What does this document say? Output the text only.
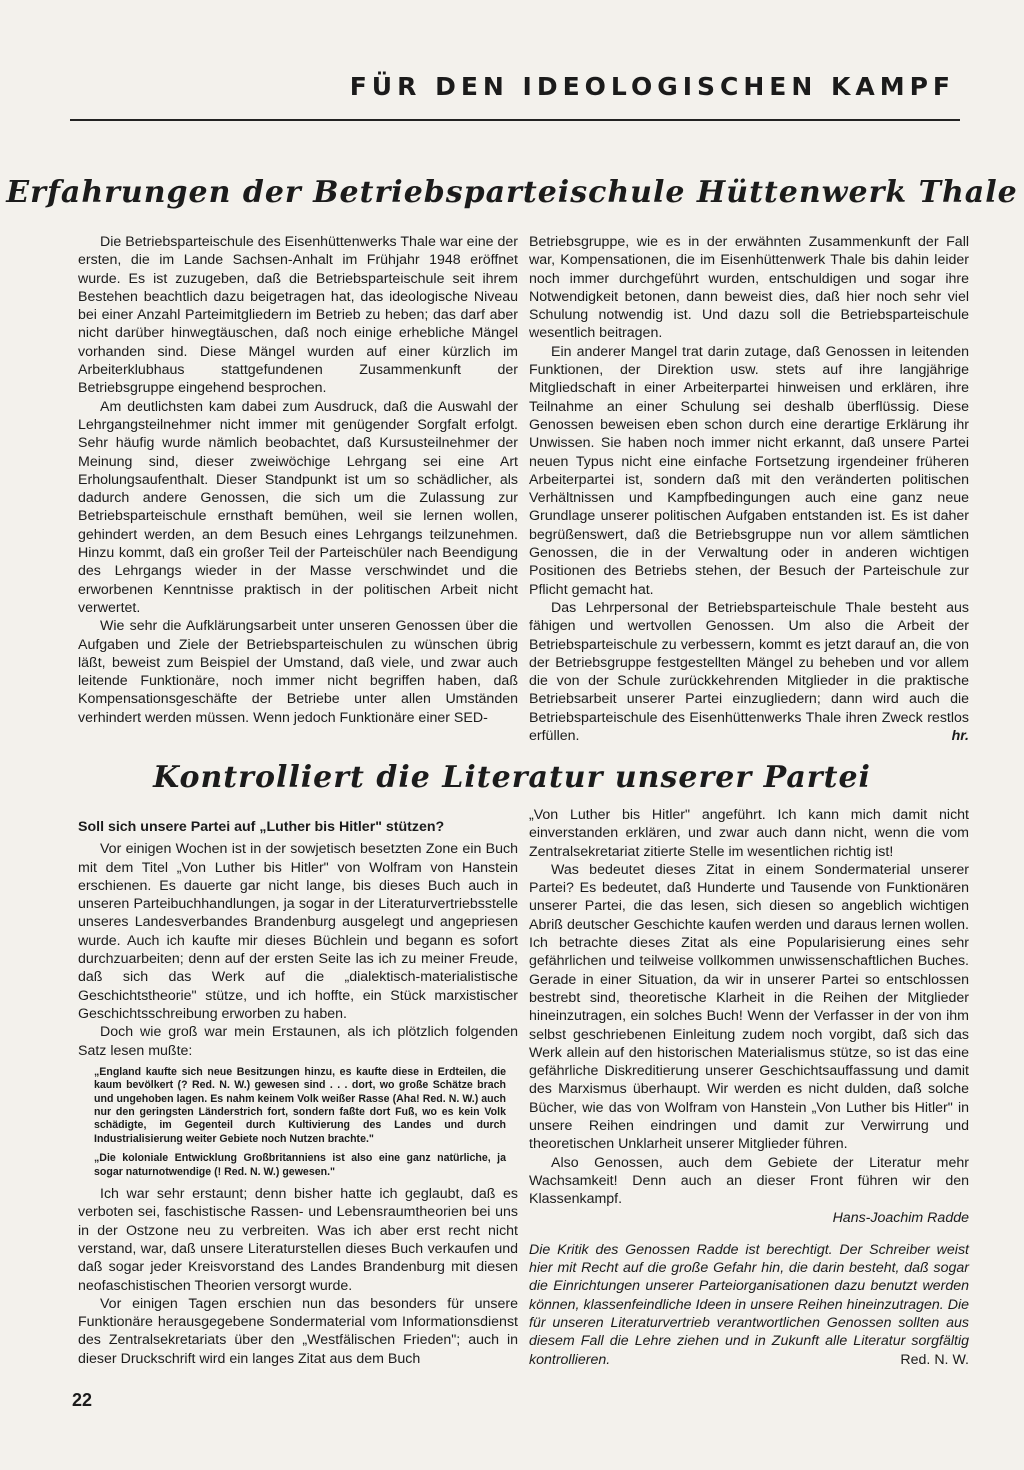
FÜR DEN IDEOLOGISCHEN KAMPF
Erfahrungen der Betriebsparteischule Hüttenwerk Thale

Die Betriebsparteischule des Eisenhüttenwerks Thale war eine der ersten, die im Lande Sachsen-Anhalt im Frühjahr 1948 eröffnet wurde. Es ist zuzugeben, daß die Betriebsparteischule seit ihrem Bestehen beachtlich dazu beigetragen hat, das ideologische Niveau bei einer Anzahl Parteimitgliedern im Betrieb zu heben; das darf aber nicht darüber hinwegtäuschen, daß noch einige erhebliche Mängel vorhanden sind. Diese Mängel wurden auf einer kürzlich im Arbeiterklubhaus stattgefundenen Zusammenkunft der Betriebsgruppe eingehend besprochen.

Am deutlichsten kam dabei zum Ausdruck, daß die Auswahl der Lehrgangsteilnehmer nicht immer mit genügender Sorgfalt erfolgt. Sehr häufig wurde nämlich beobachtet, daß Kursusteilnehmer der Meinung sind, dieser zweiwöchige Lehrgang sei eine Art Erholungsaufenthalt. Dieser Standpunkt ist um so schädlicher, als dadurch andere Genossen, die sich um die Zulassung zur Betriebsparteischule ernsthaft bemühen, weil sie lernen wollen, gehindert werden, an dem Besuch eines Lehrgangs teilzunehmen. Hinzu kommt, daß ein großer Teil der Parteischüler nach Beendigung des Lehrgangs wieder in der Masse verschwindet und die erworbenen Kenntnisse praktisch in der politischen Arbeit nicht verwertet.

Wie sehr die Aufklärungsarbeit unter unseren Genossen über die Aufgaben und Ziele der Betriebsparteischulen zu wünschen übrig läßt, beweist zum Beispiel der Umstand, daß viele, und zwar auch leitende Funktionäre, noch immer nicht begriffen haben, daß Kompensationsgeschäfte der Betriebe unter allen Umständen verhindert werden müssen. Wenn jedoch Funktionäre einer SED-

Betriebsgruppe, wie es in der erwähnten Zusammenkunft der Fall war, Kompensationen, die im Eisenhüttenwerk Thale bis dahin leider noch immer durchgeführt wurden, entschuldigen und sogar ihre Notwendigkeit betonen, dann beweist dies, daß hier noch sehr viel Schulung notwendig ist. Und dazu soll die Betriebsparteischule wesentlich beitragen.

Ein anderer Mangel trat darin zutage, daß Genossen in leitenden Funktionen, der Direktion usw. stets auf ihre langjährige Mitgliedschaft in einer Arbeiterpartei hinweisen und erklären, ihre Teilnahme an einer Schulung sei deshalb überflüssig. Diese Genossen beweisen eben schon durch eine derartige Erklärung ihr Unwissen. Sie haben noch immer nicht erkannt, daß unsere Partei neuen Typus nicht eine einfache Fortsetzung irgendeiner früheren Arbeiterpartei ist, sondern daß mit den veränderten politischen Verhältnissen und Kampfbedingungen auch eine ganz neue Grundlage unserer politischen Aufgaben entstanden ist. Es ist daher begrüßenswert, daß die Betriebsgruppe nun vor allem sämtlichen Genossen, die in der Verwaltung oder in anderen wichtigen Positionen des Betriebs stehen, der Besuch der Parteischule zur Pflicht gemacht hat.

Das Lehrpersonal der Betriebsparteischule Thale besteht aus fähigen und wertvollen Genossen. Um also die Arbeit der Betriebsparteischule zu verbessern, kommt es jetzt darauf an, die von der Betriebsgruppe festgestellten Mängel zu beheben und vor allem die von der Schule zurückkehrenden Mitglieder in die praktische Betriebsarbeit unserer Partei einzugliedern; dann wird auch die Betriebsparteischule des Eisenhüttenwerks Thale ihren Zweck restlos erfüllen.	hr.

Kontrolliert die Literatur unserer Partei

Soll sich unsere Partei auf „Luther bis Hitler" stützen?

Vor einigen Wochen ist in der sowjetisch besetzten Zone ein Buch mit dem Titel „Von Luther bis Hitler" von Wolfram von Hanstein erschienen. Es dauerte gar nicht lange, bis dieses Buch auch in unseren Parteibuchhandlungen, ja sogar in der Literaturvertriebsstelle unseres Landesverbandes Brandenburg ausgelegt und angepriesen wurde. Auch ich kaufte mir dieses Büchlein und begann es sofort durchzuarbeiten; denn auf der ersten Seite las ich zu meiner Freude, daß sich das Werk auf die „dialektisch-materialistische Geschichtstheorie" stütze, und ich hoffte, ein Stück marxistischer Geschichtsschreibung erworben zu haben.

Doch wie groß war mein Erstaunen, als ich plötzlich folgenden Satz lesen mußte:

„England kaufte sich neue Besitzungen hinzu, es kaufte diese in Erdteilen, die kaum bevölkert (? Red. N. W.) gewesen sind . . . dort, wo große Schätze brach und ungehoben lagen. Es nahm keinem Volk weißer Rasse (Aha! Red. N. W.) auch nur den geringsten Länderstrich fort, sondern faßte dort Fuß, wo es kein Volk schädigte, im Gegenteil durch Kultivierung des Landes und durch Industrialisierung weiter Gebiete noch Nutzen brachte."

„Die koloniale Entwicklung Großbritanniens ist also eine ganz natürliche, ja sogar naturnotwendige (! Red. N. W.) gewesen."

Ich war sehr erstaunt; denn bisher hatte ich geglaubt, daß es verboten sei, faschistische Rassen- und Lebensraumtheorien bei uns in der Ostzone neu zu verbreiten. Was ich aber erst recht nicht verstand, war, daß unsere Literaturstellen dieses Buch verkaufen und daß sogar jeder Kreisvorstand des Landes Brandenburg mit diesen neofaschistischen Theorien versorgt wurde.

Vor einigen Tagen erschien nun das besonders für unsere Funktionäre herausgegebene Sondermaterial vom Informationsdienst des Zentralsekretariats über den „Westfälischen Frieden"; auch in dieser Druckschrift wird ein langes Zitat aus dem Buch

„Von Luther bis Hitler" angeführt. Ich kann mich damit nicht einverstanden erklären, und zwar auch dann nicht, wenn die vom Zentralsekretariat zitierte Stelle im wesentlichen richtig ist!

Was bedeutet dieses Zitat in einem Sondermaterial unserer Partei? Es bedeutet, daß Hunderte und Tausende von Funktionären unserer Partei, die das lesen, sich diesen so angeblich wichtigen Abriß deutscher Geschichte kaufen werden und daraus lernen wollen. Ich betrachte dieses Zitat als eine Popularisierung eines sehr gefährlichen und teilweise vollkommen unwissenschaftlichen Buches. Gerade in einer Situation, da wir in unserer Partei so entschlossen bestrebt sind, theoretische Klarheit in die Reihen der Mitglieder hineinzutragen, ein solches Buch! Wenn der Verfasser in der von ihm selbst geschriebenen Einleitung zudem noch vorgibt, daß sich das Werk allein auf den historischen Materialismus stütze, so ist das eine gefährliche Diskreditierung unserer Geschichtsauffassung und damit des Marxismus überhaupt. Wir werden es nicht dulden, daß solche Bücher, wie das von Wolfram von Hanstein „Von Luther bis Hitler" in unsere Reihen eindringen und damit zur Verwirrung und theoretischen Unklarheit unserer Mitglieder führen.

Also Genossen, auch dem Gebiete der Literatur mehr Wachsamkeit! Denn auch an dieser Front führen wir den Klassenkampf.

Hans-Joachim Radde

Die Kritik des Genossen Radde ist berechtigt. Der Schreiber weist hier mit Recht auf die große Gefahr hin, die darin besteht, daß sogar die Einrichtungen unserer Parteiorganisationen dazu benutzt werden können, klassenfeindliche Ideen in unsere Reihen hineinzutragen. Die für unseren Literaturvertrieb verantwortlichen Genossen sollten aus diesem Fall die Lehre ziehen und in Zukunft alle Literatur sorgfältig kontrollieren.	Red. N. W.

22
